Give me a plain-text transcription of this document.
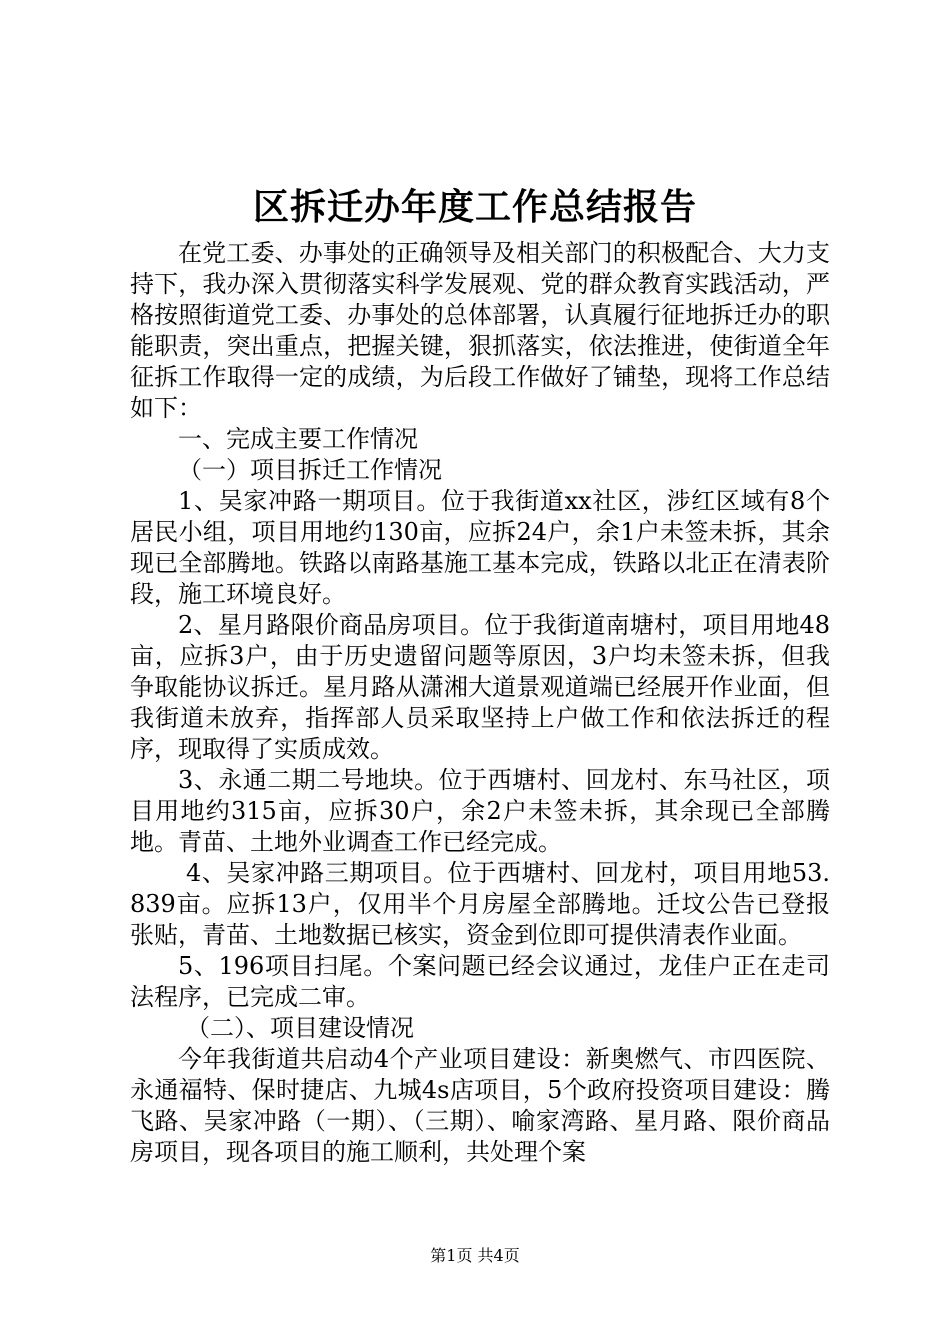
区拆迁办年度工作总结报告

在党工委、办事处的正确领导及相关部门的积极配合、大力支持下，我办深入贯彻落实科学发展观、党的群众教育实践活动，严格按照街道党工委、办事处的总体部署，认真履行征地拆迁办的职能职责，突出重点，把握关键，狠抓落实，依法推进，使街道全年征拆工作取得一定的成绩，为后段工作做好了铺垫，现将工作总结如下：

一、完成主要工作情况

（一）项目拆迁工作情况

1、吴家冲路一期项目。位于我街道xx社区，涉红区域有8个居民小组，项目用地约130亩，应拆24户，余1户未签未拆，其余现已全部腾地。铁路以南路基施工基本完成，铁路以北正在清表阶段，施工环境良好。

2、星月路限价商品房项目。位于我街道南塘村，项目用地48亩，应拆3户，由于历史遗留问题等原因，3户均未签未拆，但我争取能协议拆迁。星月路从潇湘大道景观道端已经展开作业面，但我街道未放弃，指挥部人员采取坚持上户做工作和依法拆迁的程序，现取得了实质成效。

3、永通二期二号地块。位于西塘村、回龙村、东马社区，项目用地约315亩，应拆30户，余2户未签未拆，其余现已全部腾地。青苗、土地外业调查工作已经完成。

4、吴家冲路三期项目。位于西塘村、回龙村，项目用地53.839亩。应拆13户，仅用半个月房屋全部腾地。迁坟公告已登报张贴，青苗、土地数据已核实，资金到位即可提供清表作业面。

5、196项目扫尾。个案问题已经会议通过，龙佳户正在走司法程序，已完成二审。

（二）、项目建设情况

今年我街道共启动4个产业项目建设：新奥燃气、市四医院、永通福特、保时捷店、九城4s店项目，5个政府投资项目建设：腾飞路、吴家冲路（一期）、（三期）、喻家湾路、星月路、限价商品房项目，现各项目的施工顺利，共处理个案

第1页 共4页
